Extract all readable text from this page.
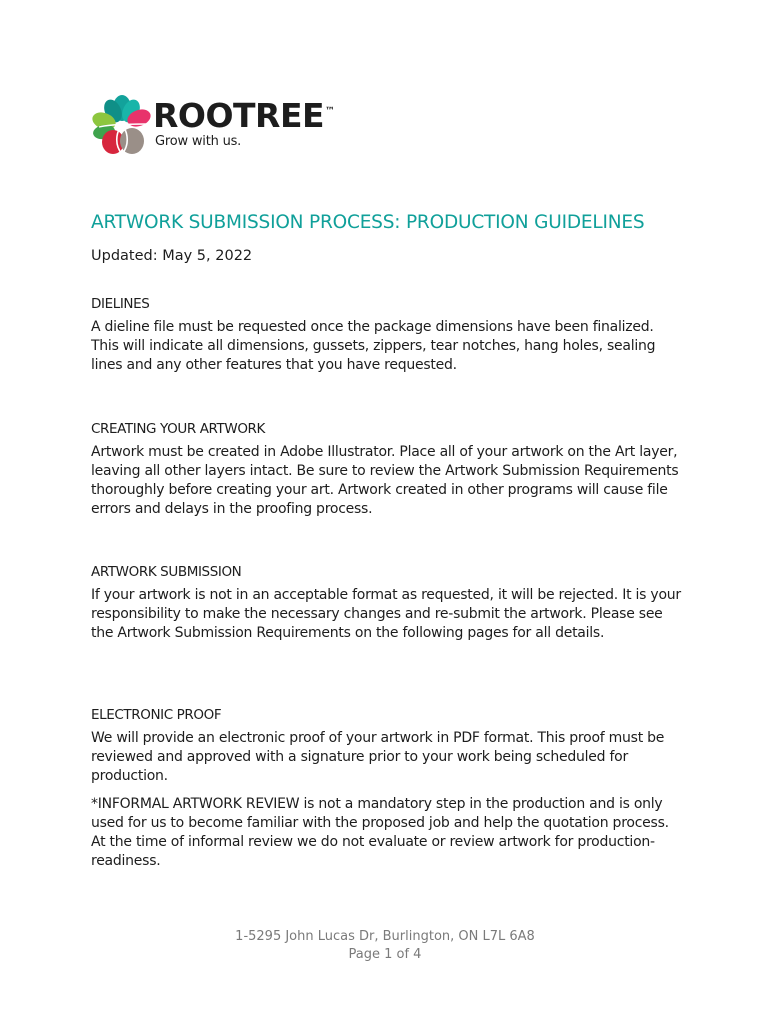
ROOTREE™
Grow with us.
ARTWORK SUBMISSION PROCESS: PRODUCTION GUIDELINES
Updated: May 5, 2022
DIELINES

A dieline file must be requested once the package dimensions have been finalized. This will indicate all dimensions, gussets, zippers, tear notches, hang holes, sealing lines and any other features that you have requested.

CREATING YOUR ARTWORK

Artwork must be created in Adobe Illustrator. Place all of your artwork on the Art layer, leaving all other layers intact. Be sure to review the Artwork Submission Requirements thoroughly before creating your art. Artwork created in other programs will cause file errors and delays in the proofing process.

ARTWORK SUBMISSION

If your artwork is not in an acceptable format as requested, it will be rejected. It is your responsibility to make the necessary changes and re-submit the artwork. Please see the Artwork Submission Requirements on the following pages for all details.

ELECTRONIC PROOF

We will provide an electronic proof of your artwork in PDF format. This proof must be reviewed and approved with a signature prior to your work being scheduled for production.

*INFORMAL ARTWORK REVIEW is not a mandatory step in the production and is only used for us to become familiar with the proposed job and help the quotation process. At the time of informal review we do not evaluate or review artwork for production-readiness.

1-5295 John Lucas Dr, Burlington, ON L7L 6A8
Page 1 of 4
